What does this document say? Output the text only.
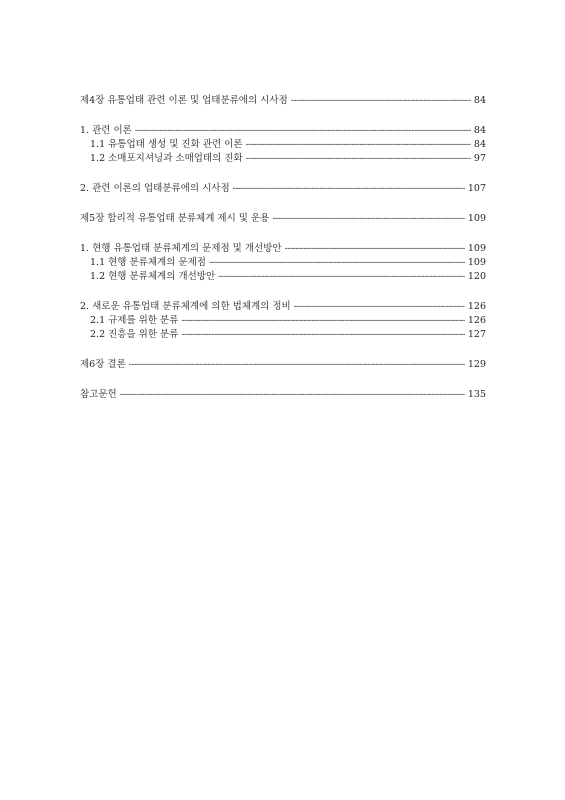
제4장 유통업태 관련 이론 및 업태분류에의 시사점 -----	84
1. 관련 이론 -----	84
1.1 유통업태 생성 및 진화 관련 이론 -----	84
1.2 소매포지셔닝과 소매업태의 진화 -----	97
2. 관련 이론의 업태분류에의 시사점 -----	107
제5장 합리적 유통업태 분류체계 제시 및 운용 -----	109
1. 현행 유통업태 분류체계의 문제점 및 개선방안 -----	109
1.1 현행 분류체계의 문제점 -----	109
1.2 현행 분류체계의 개선방안 -----	120
2. 새로운 유통업태 분류체계에 의한 법체계의 정비 -----	126
2.1 규제를 위한 분류 -----	126
2.2 진흥을 위한 분류 -----	127
제6장 결론 -----	129
참고문헌 -----	135
